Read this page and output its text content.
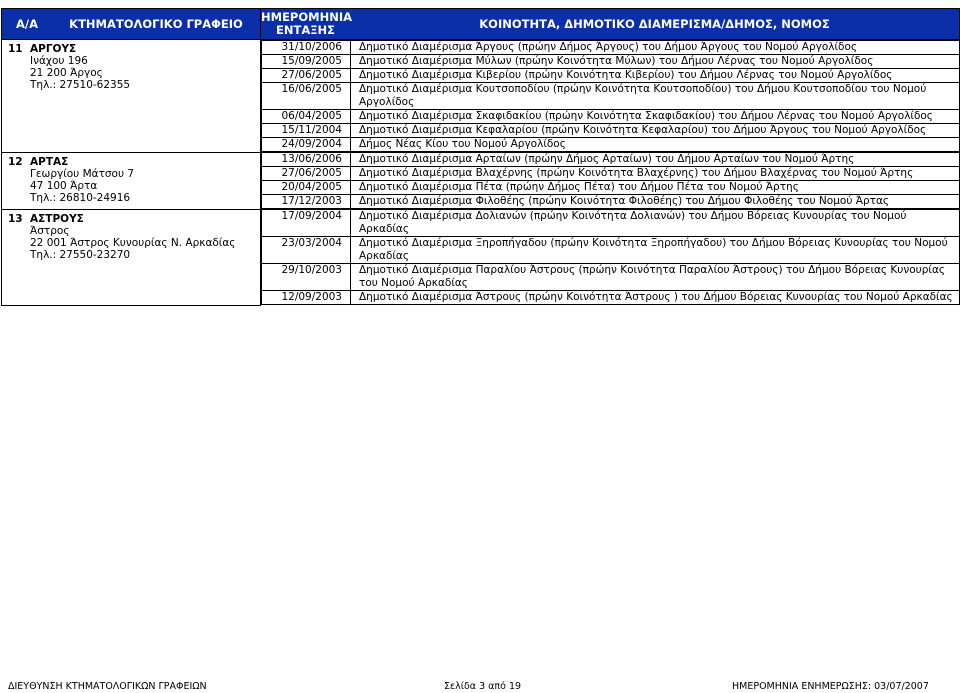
Α/Α	ΚΤΗΜΑΤΟΛΟΓΙΚΟ ΓΡΑΦΕΙΟ	ΗΜΕΡΟΜΗΝΙΑ
ΕΝΤΑΞΗΣ	ΚΟΙΝΟΤΗΤΑ, ΔΗΜΟΤΙΚΟ ΔΙΑΜΕΡΙΣΜΑ/ΔΗΜΟΣ, ΝΟΜΟΣ

11 ΑΡΓΟΥΣ
Ινάχου 196
21 200 Άργος
Τηλ.: 27510-62355

31/10/2006	Δημοτικό Διαμέρισμα Άργους (πρώην Δήμος Άργους) του Δήμου Άργους του Νομού Αργολίδος
15/09/2005	Δημοτικό Διαμέρισμα Μύλων (πρώην Κοινότητα Μύλων) του Δήμου Λέρνας του Νομού Αργολίδος
27/06/2005	Δημοτικό Διαμέρισμα Κιβερίου (πρώην Κοινότητα Κιβερίου) του Δήμου Λέρνας του Νομού Αργολίδος
16/06/2005	Δημοτικό Διαμέρισμα Κουτσοποδίου (πρώην Κοινότητα Κουτσοποδίου) του Δήμου Κουτσοποδίου του Νομού Αργολίδος
06/04/2005	Δημοτικό Διαμέρισμα Σκαφιδακίου (πρώην Κοινότητα Σκαφιδακίου) του Δήμου Λέρνας του Νομού Αργολίδος
15/11/2004	Δημοτικό Διαμέρισμα Κεφαλαρίου (πρώην Κοινότητα Κεφαλαρίου) του Δήμου Άργους του Νομού Αργολίδος
24/09/2004	Δήμος Νέας Κίου του Νομού Αργολίδος

12 ΑΡΤΑΣ
Γεωργίου Μάτσου 7
47 100 Άρτα
Τηλ.: 26810-24916

13/06/2006	Δημοτικό Διαμέρισμα Αρταίων (πρώην Δήμος Αρταίων) του Δήμου Αρταίων του Νομού Άρτης
27/06/2005	Δημοτικό Διαμέρισμα Βλαχέρνης (πρώην Κοινότητα Βλαχέρνης) του Δήμου Βλαχέρνας του Νομού Άρτης
20/04/2005	Δημοτικό Διαμέρισμα Πέτα (πρώην Δήμος Πέτα) του Δήμου Πέτα του Νομού Άρτης
17/12/2003	Δημοτικό Διαμέρισμα Φιλοθέης (πρώην Κοινότητα Φιλοθέης) του Δήμου Φιλοθέης του Νομού Άρτας

13 ΑΣΤΡΟΥΣ
Άστρος
22 001 Άστρος Κυνουρίας Ν. Αρκαδίας
Τηλ.: 27550-23270

17/09/2004	Δημοτικό Διαμέρισμα Δολιανών (πρώην Κοινότητα Δολιανών) του Δήμου Βόρειας Κυνουρίας του Νομού Αρκαδίας
23/03/2004	Δημοτικό Διαμέρισμα Ξηροπήγαδου (πρώην Κοινότητα Ξηροπήγαδου) του Δήμου Βόρειας Κυνουρίας του Νομού Αρκαδίας
29/10/2003	Δημοτικό Διαμέρισμα Παραλίου Άστρους (πρώην Κοινότητα Παραλίου Άστρους) του Δήμου Βόρειας Κυνουρίας του Νομού Αρκαδίας
12/09/2003	Δημοτικό Διαμέρισμα Άστρους (πρώην Κοινότητα Άστρους ) του Δήμου Βόρειας Κυνουρίας του Νομού Αρκαδίας
ΔΙΕΥΘΥΝΣΗ ΚΤΗΜΑΤΟΛΟΓΙΚΩΝ ΓΡΑΦΕΙΩΝ	Σελίδα 3 από 19	ΗΜΕΡΟΜΗΝΙΑ ΕΝΗΜΕΡΩΣΗΣ: 03/07/2007
